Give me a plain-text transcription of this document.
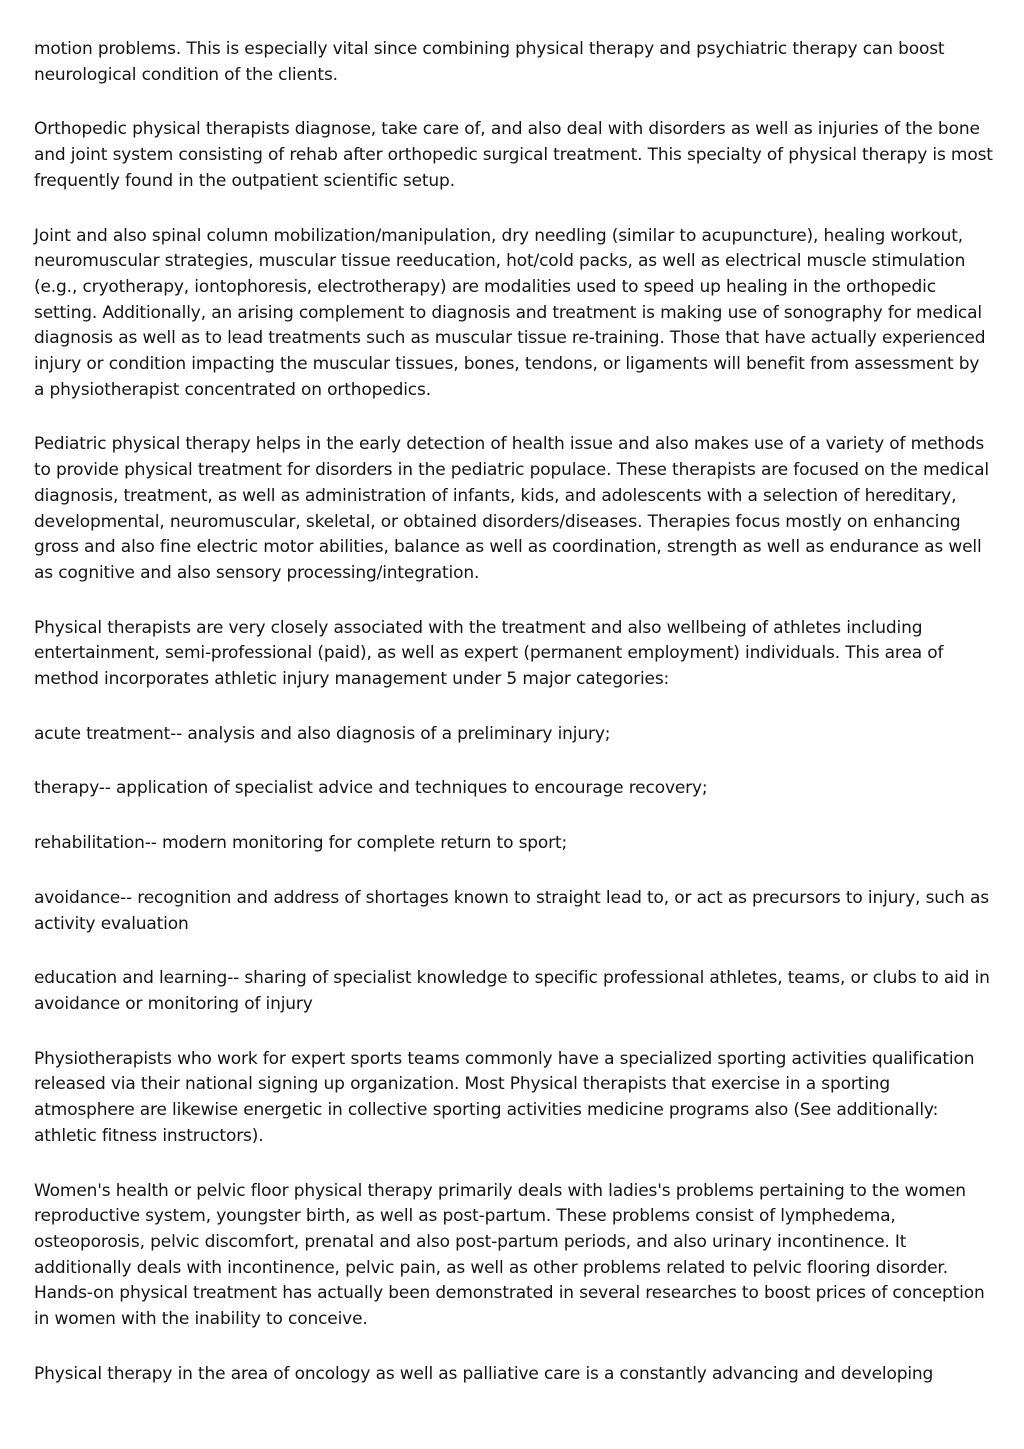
motion problems. This is especially vital since combining physical therapy and psychiatric therapy can boost neurological condition of the clients.

Orthopedic physical therapists diagnose, take care of, and also deal with disorders as well as injuries of the bone and joint system consisting of rehab after orthopedic surgical treatment. This specialty of physical therapy is most frequently found in the outpatient scientific setup.

Joint and also spinal column mobilization/manipulation, dry needling (similar to acupuncture), healing workout, neuromuscular strategies, muscular tissue reeducation, hot/cold packs, as well as electrical muscle stimulation (e.g., cryotherapy, iontophoresis, electrotherapy) are modalities used to speed up healing in the orthopedic setting. Additionally, an arising complement to diagnosis and treatment is making use of sonography for medical diagnosis as well as to lead treatments such as muscular tissue re-training. Those that have actually experienced injury or condition impacting the muscular tissues, bones, tendons, or ligaments will benefit from assessment by a physiotherapist concentrated on orthopedics.

Pediatric physical therapy helps in the early detection of health issue and also makes use of a variety of methods to provide physical treatment for disorders in the pediatric populace. These therapists are focused on the medical diagnosis, treatment, as well as administration of infants, kids, and adolescents with a selection of hereditary, developmental, neuromuscular, skeletal, or obtained disorders/diseases. Therapies focus mostly on enhancing gross and also fine electric motor abilities, balance as well as coordination, strength as well as endurance as well as cognitive and also sensory processing/integration.

Physical therapists are very closely associated with the treatment and also wellbeing of athletes including entertainment, semi-professional (paid), as well as expert (permanent employment) individuals. This area of method incorporates athletic injury management under 5 major categories:

acute treatment-- analysis and also diagnosis of a preliminary injury;

therapy-- application of specialist advice and techniques to encourage recovery;

rehabilitation-- modern monitoring for complete return to sport;

avoidance-- recognition and address of shortages known to straight lead to, or act as precursors to injury, such as activity evaluation

education and learning-- sharing of specialist knowledge to specific professional athletes, teams, or clubs to aid in avoidance or monitoring of injury

Physiotherapists who work for expert sports teams commonly have a specialized sporting activities qualification released via their national signing up organization. Most Physical therapists that exercise in a sporting atmosphere are likewise energetic in collective sporting activities medicine programs also (See additionally: athletic fitness instructors).

Women's health or pelvic floor physical therapy primarily deals with ladies's problems pertaining to the women reproductive system, youngster birth, as well as post-partum. These problems consist of lymphedema, osteoporosis, pelvic discomfort, prenatal and also post-partum periods, and also urinary incontinence. It additionally deals with incontinence, pelvic pain, as well as other problems related to pelvic flooring disorder. Hands-on physical treatment has actually been demonstrated in several researches to boost prices of conception in women with the inability to conceive.

Physical therapy in the area of oncology as well as palliative care is a constantly advancing and developing
